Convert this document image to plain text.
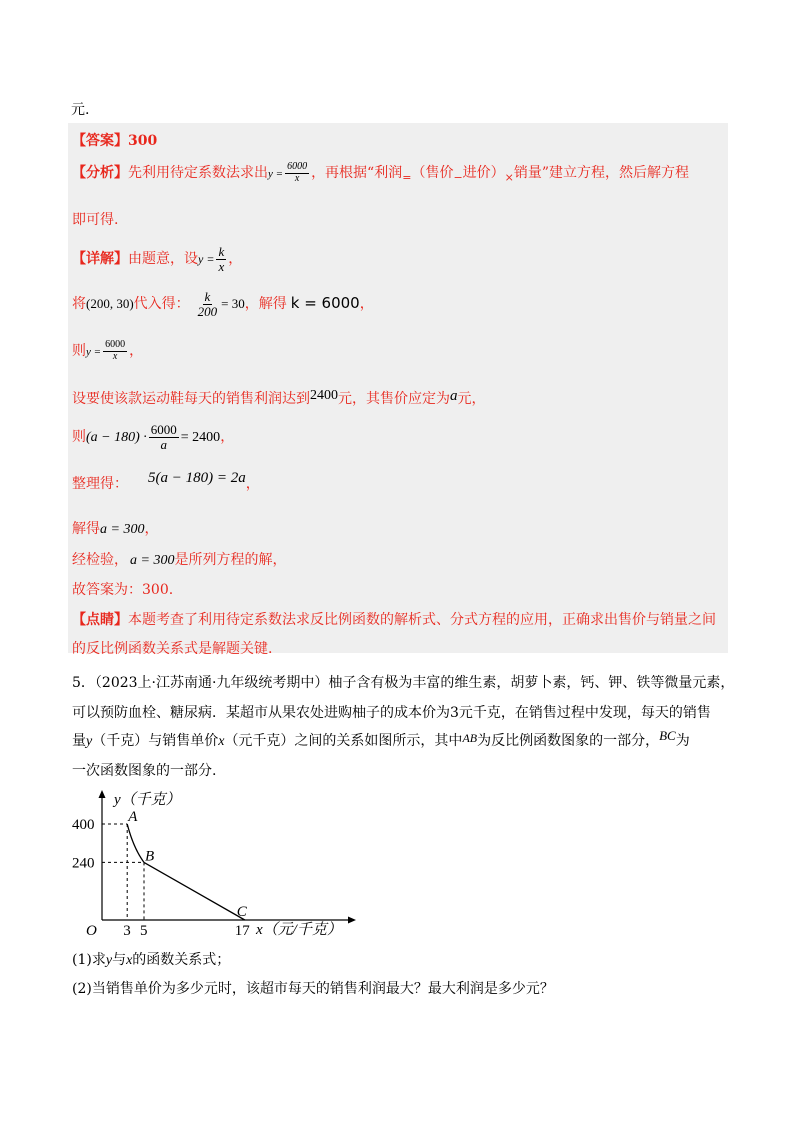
元.
【答案】300
【分析】先利用待定系数法求出$y = \frac{6000}{x}$ ，再根据“利润$_=$（售价$_-$进价）$_\times$销量”建立方程，然后解方程
即可得.
【详解】由题意，设$y = \frac{k}{x}$ ，
将(200, 30)代入得： $\frac{k}{200} = 30$，解得 k = 6000，
则$y = \frac{6000}{x}$ ，
设要使该款运动鞋每天的销售利润达到2400元，其售价应定为a元，
则$(a - 180) \cdot \frac{6000}{a} = 2400$，
整理得： 5(a − 180) = 2a，
解得a = 300，
经检验， a = 300是所列方程的解，
故答案为：300.
【点睛】本题考查了利用待定系数法求反比例函数的解析式、分式方程的应用，正确求出售价与销量之间
的反比例函数关系式是解题关键.
5．（2023上·江苏南通·九年级统考期中）柚子含有极为丰富的维生素，胡萝卜素，钙、钾、铁等微量元素，
可以预防血栓、糖尿病．某超市从果农处进购柚子的成本价为3元千克，在销售过程中发现，每天的销售
量y（千克）与销售单价x（元千克）之间的关系如图所示，其中AB为反比例函数图象的一部分，BC为
一次函数图象的一部分.
y（千克）
x（元/千克）
O
400
240
3 5	17
A
B
C
(1)求y与x的函数关系式；
(2)当销售单价为多少元时，该超市每天的销售利润最大？最大利润是多少元？
